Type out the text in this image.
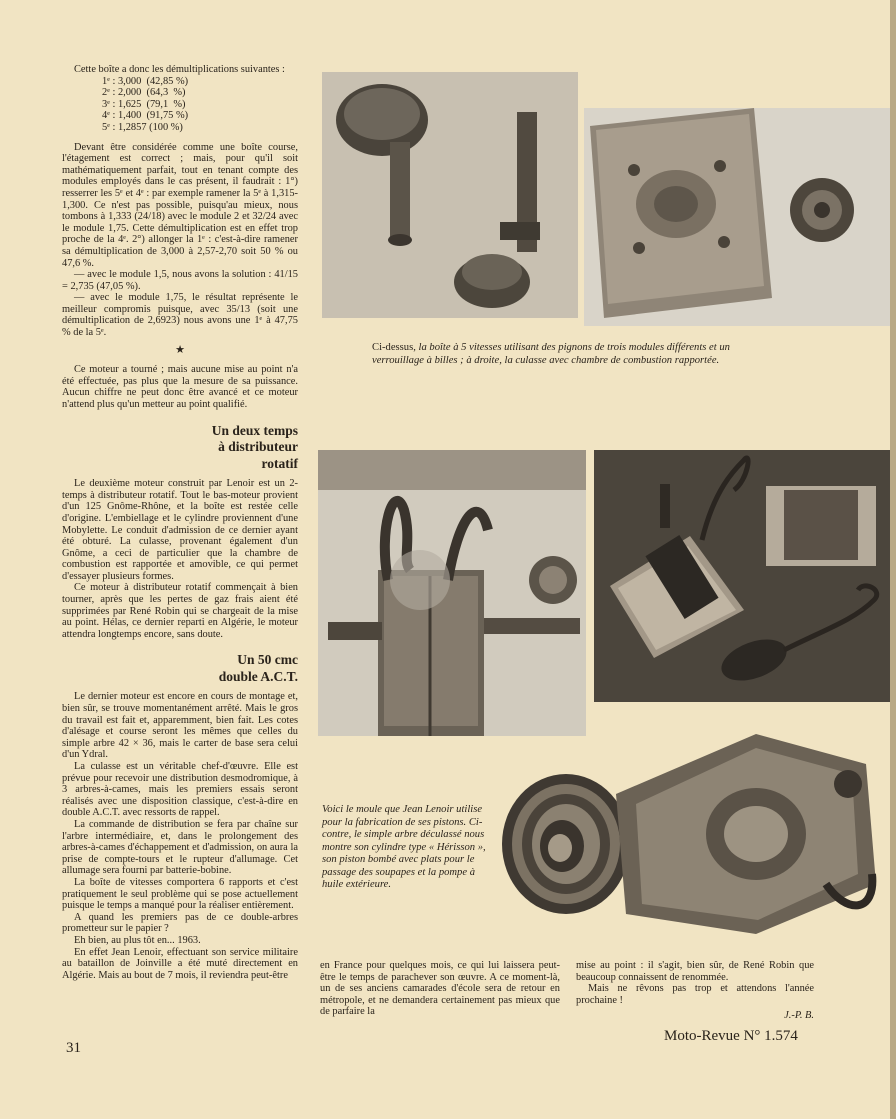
Cette boîte a donc les démultiplications suivantes :

1ᵉ : 3,000  (42,85 %)
2ᵉ : 2,000  (64,3  %)
3ᵉ : 1,625  (79,1  %)
4ᵉ : 1,400  (91,75 %)
5ᵉ : 1,2857 (100 %)

Devant être considérée comme une boîte course, l'étagement est correct ; mais, pour qu'il soit mathématiquement parfait, tout en tenant compte des modules employés dans le cas présent, il faudrait : 1°) resserrer les 5ᵉ et 4ᵉ : par exemple ramener la 5ᵉ à 1,315-1,300. Ce n'est pas possible, puisqu'au mieux, nous tombons à 1,333 (24/18) avec le module 2 et 32/24 avec le module 1,75. Cette démultiplication est en effet trop proche de la 4ᵉ. 2°) allonger la 1ᵉ : c'est-à-dire ramener sa démultiplication de 3,000 à 2,57-2,70 soit 50 % ou 47,6 %.

— avec le module 1,5, nous avons la solution : 41/15 = 2,735 (47,05 %).

— avec le module 1,75, le résultat représente le meilleur compromis puisque, avec 35/13 (soit une démultiplication de 2,6923) nous avons une 1ᵉ à 47,75 % de la 5ᵉ.

★

Ce moteur a tourné ; mais aucune mise au point n'a été effectuée, pas plus que la mesure de sa puissance. Aucun chiffre ne peut donc être avancé et ce moteur n'attend plus qu'un metteur au point qualifié.

Un deux temps
à distributeur
rotatif

Le deuxième moteur construit par Lenoir est un 2-temps à distributeur rotatif. Tout le bas-moteur provient d'un 125 Gnôme-Rhône, et la boîte est restée celle d'origine. L'embiellage et le cylindre proviennent d'une Mobylette. Le conduit d'admission de ce dernier ayant été obturé. La culasse, provenant également d'un Gnôme, a ceci de particulier que la chambre de combustion est rapportée et amovible, ce qui permet d'essayer plusieurs formes.

Ce moteur à distributeur rotatif commençait à bien tourner, après que les pertes de gaz frais aient été supprimées par René Robin qui se chargeait de la mise au point. Hélas, ce dernier reparti en Algérie, le moteur attendra longtemps encore, sans doute.

Un 50 cmc
double A.C.T.

Le dernier moteur est encore en cours de montage et, bien sûr, se trouve momentanément arrêté. Mais le gros du travail est fait et, apparemment, bien fait. Les cotes d'alésage et course seront les mêmes que celles du simple arbre 42 × 36, mais le carter de base sera celui d'un Ydral.

La culasse est un véritable chef-d'œuvre. Elle est prévue pour recevoir une distribution desmodromique, à 3 arbres-à-cames, mais les premiers essais seront réalisés avec une disposition classique, c'est-à-dire en double A.C.T. avec ressorts de rappel.

La commande de distribution se fera par chaîne sur l'arbre intermédiaire, et, dans le prolongement des arbres-à-cames d'échappement et d'admission, on aura la prise de compte-tours et le rupteur d'allumage. Cet allumage sera fourni par batterie-bobine.

La boîte de vitesses comportera 6 rapports et c'est pratiquement le seul problème qui se pose actuellement puisque le temps a manqué pour la réaliser entièrement.

A quand les premiers pas de ce double-arbres prometteur sur le papier ?

Eh bien, au plus tôt en... 1963.

En effet Jean Lenoir, effectuant son service militaire au bataillon de Joinville a été muté directement en Algérie. Mais au bout de 7 mois, il reviendra peut-être

Ci-dessus, la boîte à 5 vitesses utilisant des pignons de trois modules différents et un verrouillage à billes ; à droite, la culasse avec chambre de combustion rapportée.
Voici le moule que Jean Lenoir utilise pour la fabrication de ses pistons. Ci-contre, le simple arbre déculassé nous montre son cylindre type « Hérisson », son piston bombé avec plats pour le passage des soupapes et la pompe à huile extérieure.

en France pour quelques mois, ce qui lui laissera peut-être le temps de parachever son œuvre. A ce moment-là, un de ses anciens camarades d'école sera de retour en métropole, et ne demandera certainement pas mieux que de parfaire la

mise au point : il s'agit, bien sûr, de René Robin que beaucoup connaissent de renommée.

Mais ne rêvons pas trop et attendons l'année prochaine !

J.-P. B.
31
Moto-Revue N° 1.574
